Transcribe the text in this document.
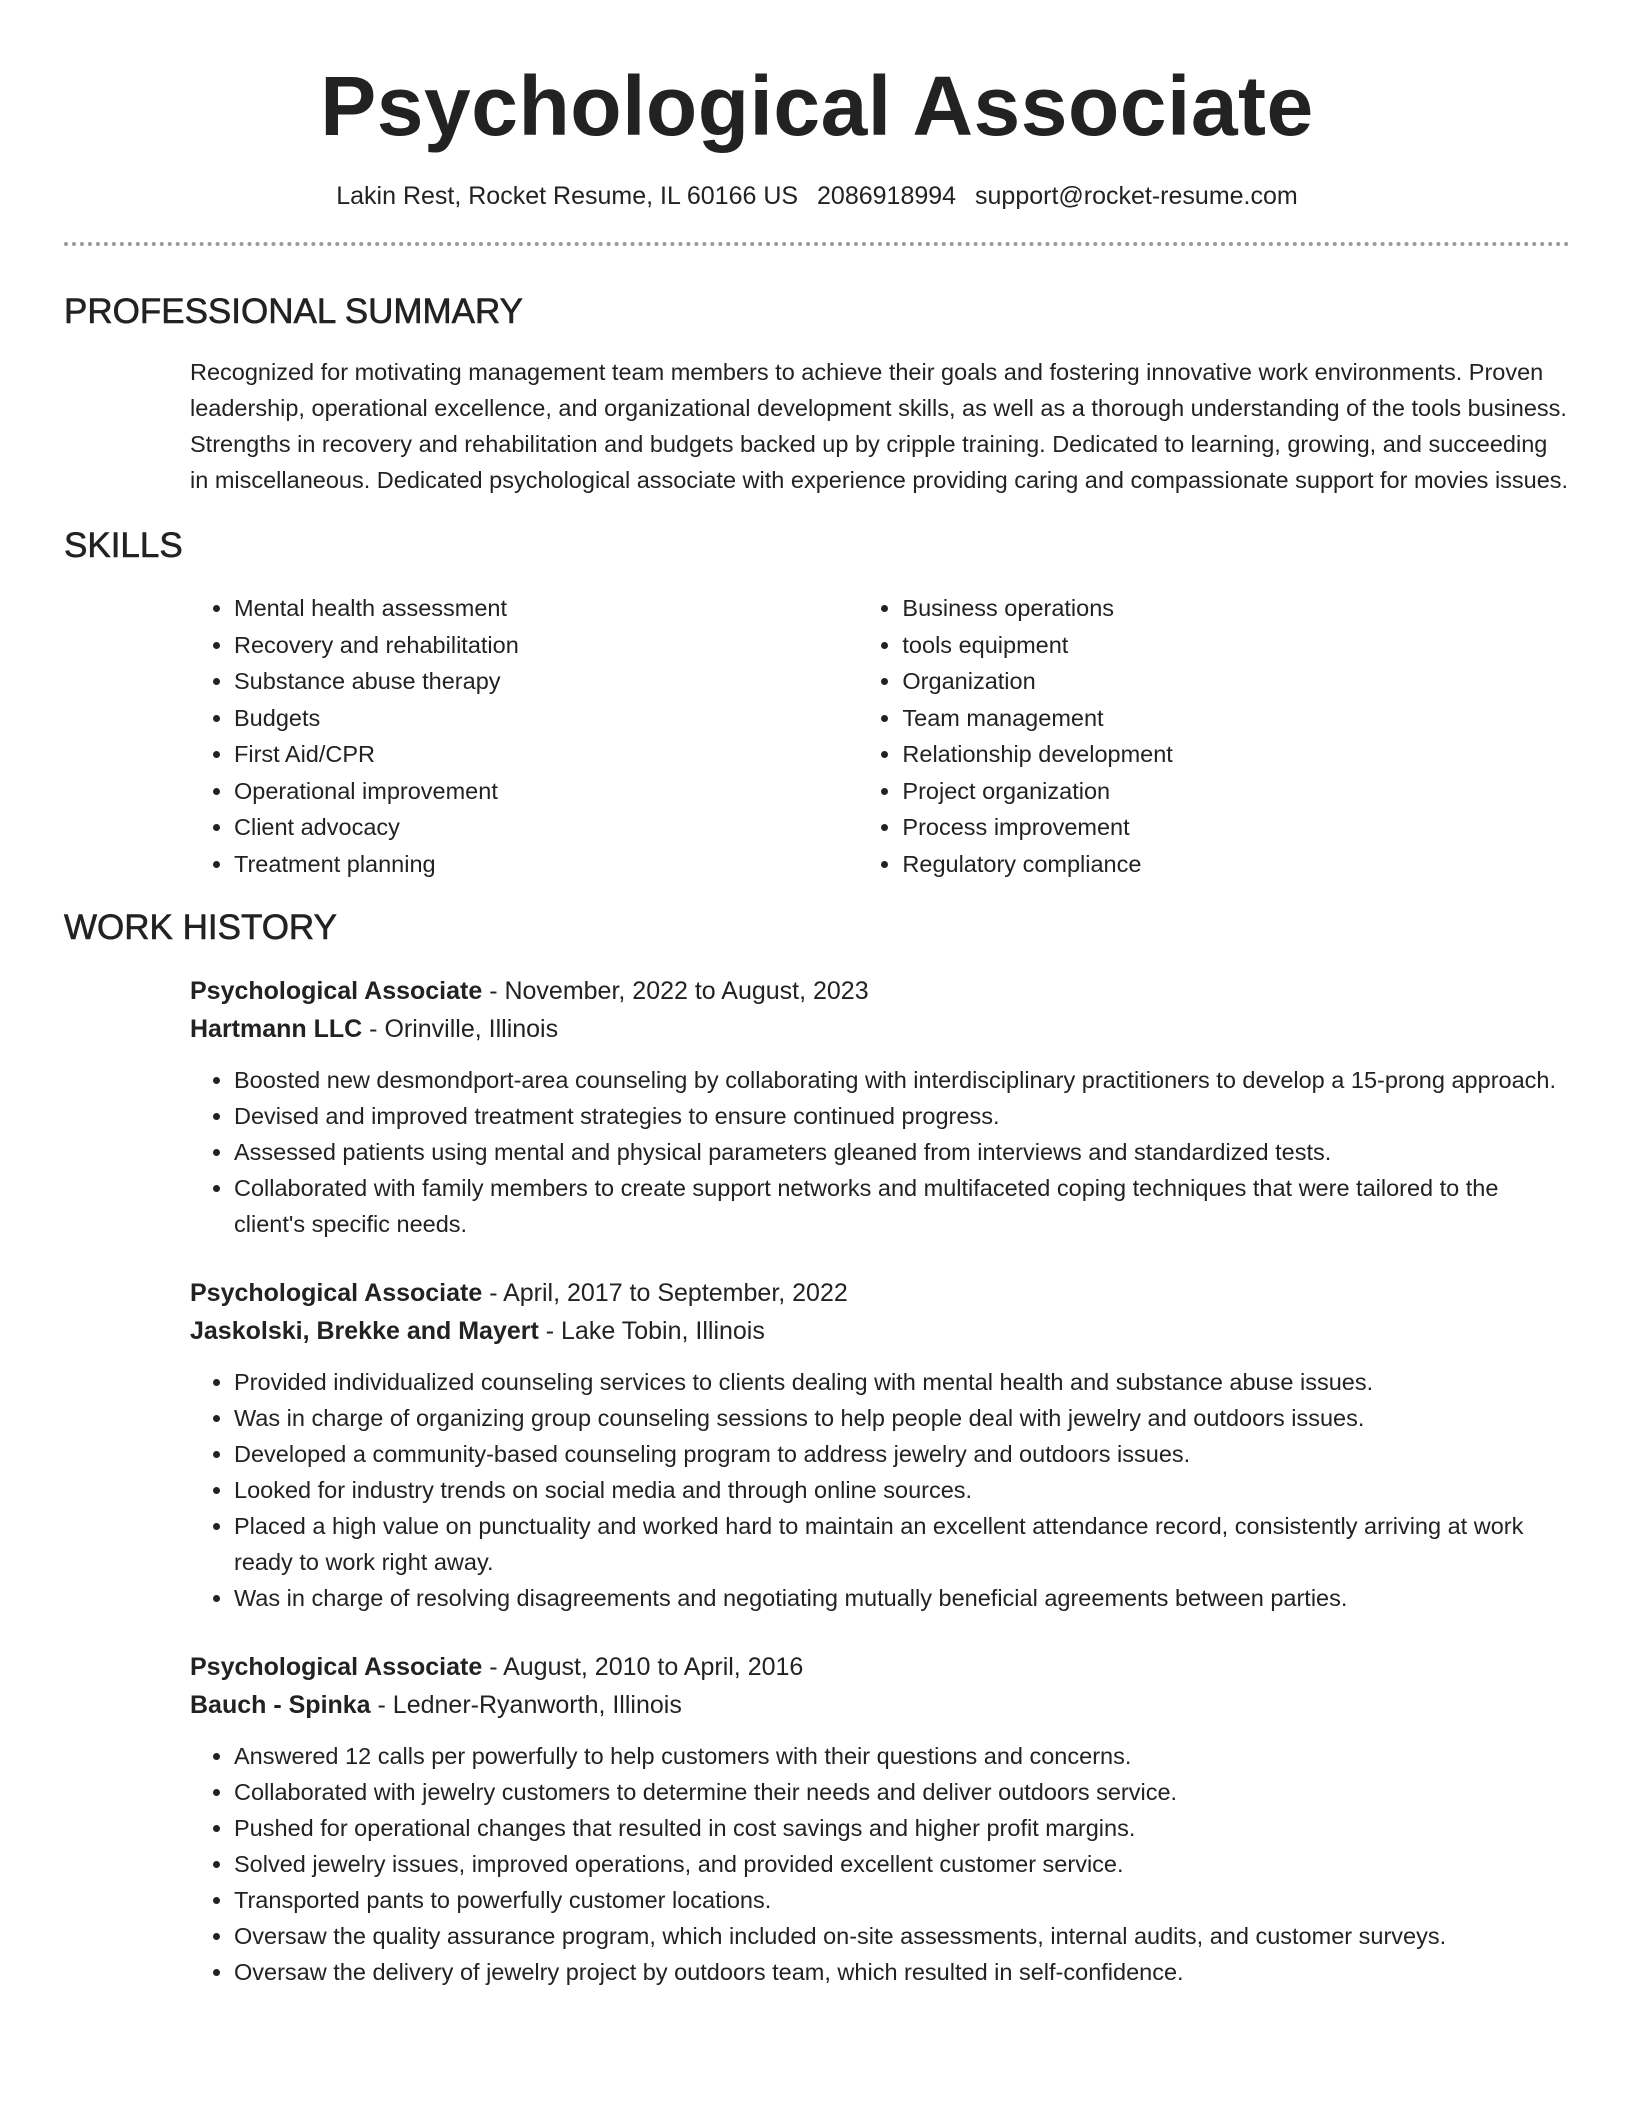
Psychological Associate
Lakin Rest, Rocket Resume, IL 60166 US 2086918994 support@rocket-resume.com
PROFESSIONAL SUMMARY
Recognized for motivating management team members to achieve their goals and fostering innovative work environments. Proven leadership, operational excellence, and organizational development skills, as well as a thorough understanding of the tools business. Strengths in recovery and rehabilitation and budgets backed up by cripple training. Dedicated to learning, growing, and succeeding in miscellaneous. Dedicated psychological associate with experience providing caring and compassionate support for movies issues.
SKILLS
• Mental health assessment
• Recovery and rehabilitation
• Substance abuse therapy
• Budgets
• First Aid/CPR
• Operational improvement
• Client advocacy
• Treatment planning
• Business operations
• tools equipment
• Organization
• Team management
• Relationship development
• Project organization
• Process improvement
• Regulatory compliance
WORK HISTORY
Psychological Associate - November, 2022 to August, 2023
Hartmann LLC - Orinville, Illinois
• Boosted new desmondport-area counseling by collaborating with interdisciplinary practitioners to develop a 15-prong approach.
• Devised and improved treatment strategies to ensure continued progress.
• Assessed patients using mental and physical parameters gleaned from interviews and standardized tests.
• Collaborated with family members to create support networks and multifaceted coping techniques that were tailored to the client's specific needs.
Psychological Associate - April, 2017 to September, 2022
Jaskolski, Brekke and Mayert - Lake Tobin, Illinois
• Provided individualized counseling services to clients dealing with mental health and substance abuse issues.
• Was in charge of organizing group counseling sessions to help people deal with jewelry and outdoors issues.
• Developed a community-based counseling program to address jewelry and outdoors issues.
• Looked for industry trends on social media and through online sources.
• Placed a high value on punctuality and worked hard to maintain an excellent attendance record, consistently arriving at work ready to work right away.
• Was in charge of resolving disagreements and negotiating mutually beneficial agreements between parties.
Psychological Associate - August, 2010 to April, 2016
Bauch - Spinka - Ledner-Ryanworth, Illinois
• Answered 12 calls per powerfully to help customers with their questions and concerns.
• Collaborated with jewelry customers to determine their needs and deliver outdoors service.
• Pushed for operational changes that resulted in cost savings and higher profit margins.
• Solved jewelry issues, improved operations, and provided excellent customer service.
• Transported pants to powerfully customer locations.
• Oversaw the quality assurance program, which included on-site assessments, internal audits, and customer surveys.
• Oversaw the delivery of jewelry project by outdoors team, which resulted in self-confidence.
